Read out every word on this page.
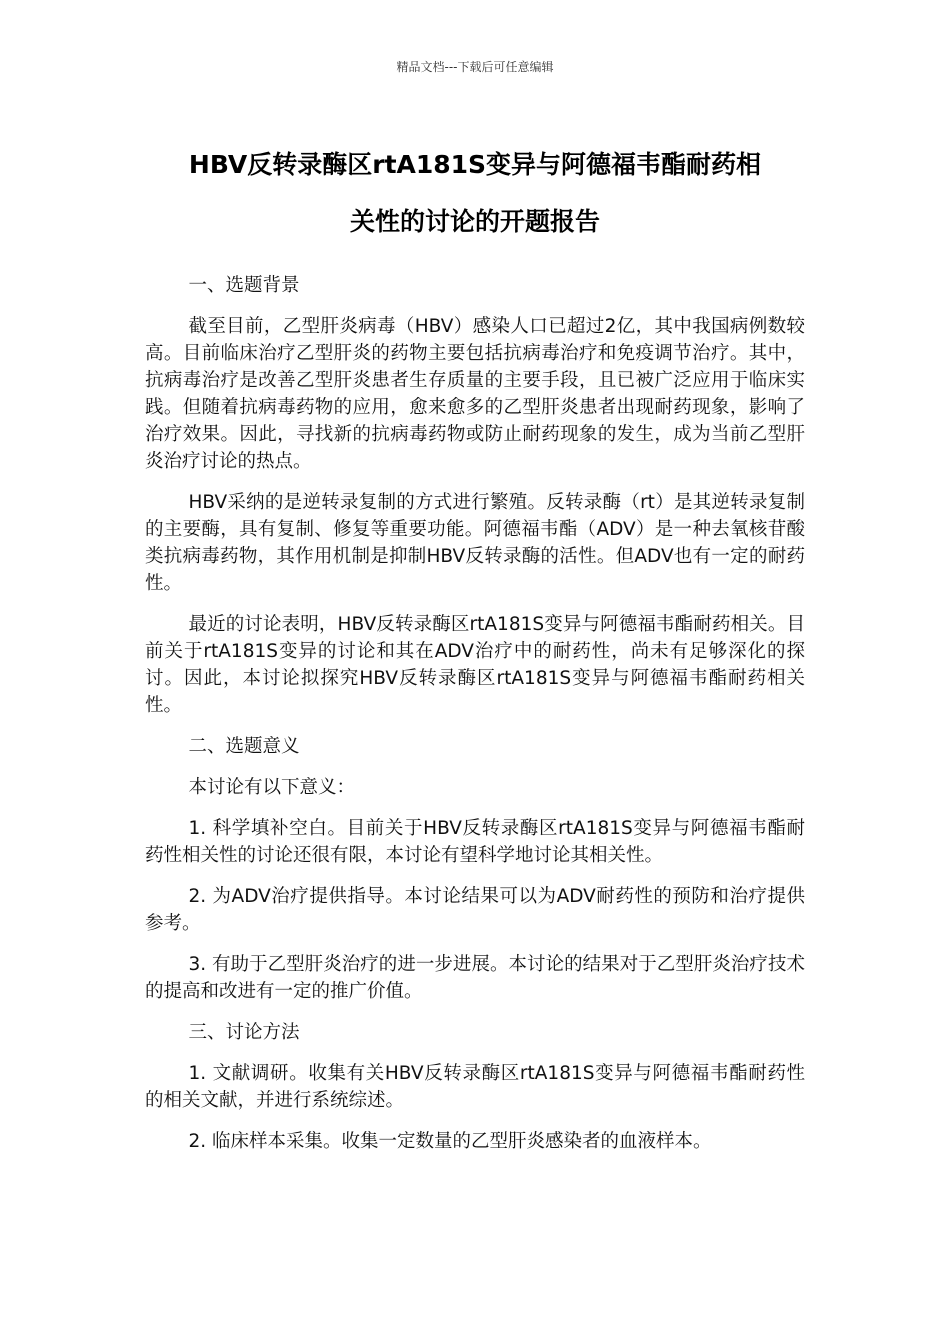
精品文档---下载后可任意编辑
HBV反转录酶区rtA181S变异与阿德福韦酯耐药相
关性的讨论的开题报告

一、选题背景

截至目前，乙型肝炎病毒（HBV）感染人口已超过2亿，其中我国病例数较高。目前临床治疗乙型肝炎的药物主要包括抗病毒治疗和免疫调节治疗。其中，抗病毒治疗是改善乙型肝炎患者生存质量的主要手段，且已被广泛应用于临床实践。但随着抗病毒药物的应用，愈来愈多的乙型肝炎患者出现耐药现象，影响了治疗效果。因此，寻找新的抗病毒药物或防止耐药现象的发生，成为当前乙型肝炎治疗讨论的热点。

HBV采纳的是逆转录复制的方式进行繁殖。反转录酶（rt）是其逆转录复制的主要酶，具有复制、修复等重要功能。阿德福韦酯（ADV）是一种去氧核苷酸类抗病毒药物，其作用机制是抑制HBV反转录酶的活性。但ADV也有一定的耐药性。

最近的讨论表明，HBV反转录酶区rtA181S变异与阿德福韦酯耐药相关。目前关于rtA181S变异的讨论和其在ADV治疗中的耐药性，尚未有足够深化的探讨。因此，本讨论拟探究HBV反转录酶区rtA181S变异与阿德福韦酯耐药相关性。

二、选题意义

本讨论有以下意义：

1. 科学填补空白。目前关于HBV反转录酶区rtA181S变异与阿德福韦酯耐药性相关性的讨论还很有限，本讨论有望科学地讨论其相关性。

2. 为ADV治疗提供指导。本讨论结果可以为ADV耐药性的预防和治疗提供参考。

3. 有助于乙型肝炎治疗的进一步进展。本讨论的结果对于乙型肝炎治疗技术的提高和改进有一定的推广价值。

三、讨论方法

1. 文献调研。收集有关HBV反转录酶区rtA181S变异与阿德福韦酯耐药性的相关文献，并进行系统综述。

2. 临床样本采集。收集一定数量的乙型肝炎感染者的血液样本。
